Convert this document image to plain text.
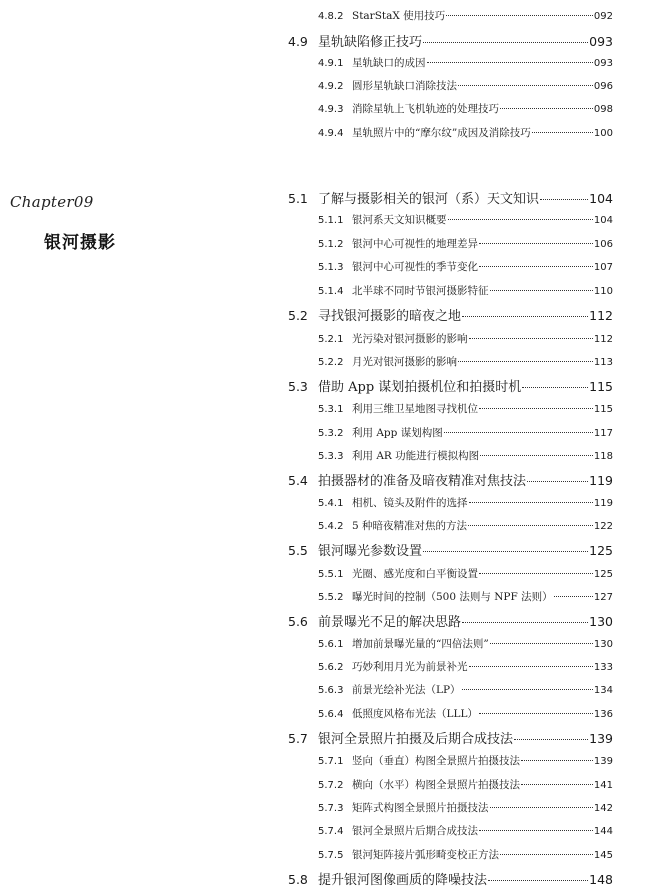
Chapter09
银河摄影
4.8.2 StarStaX 使用技巧	092
4.9 星轨缺陷修正技巧	093
4.9.1 星轨缺口的成因	093
4.9.2 圆形星轨缺口消除技法	096
4.9.3 消除星轨上飞机轨迹的处理技巧	098
4.9.4 星轨照片中的“摩尔纹”成因及消除技巧	100
5.1 了解与摄影相关的银河（系）天文知识	104
5.1.1 银河系天文知识概要	104
5.1.2 银河中心可视性的地理差异	106
5.1.3 银河中心可视性的季节变化	107
5.1.4 北半球不同时节银河摄影特征	110
5.2 寻找银河摄影的暗夜之地	112
5.2.1 光污染对银河摄影的影响	112
5.2.2 月光对银河摄影的影响	113
5.3 借助 App 谋划拍摄机位和拍摄时机	115
5.3.1 利用三维卫星地图寻找机位	115
5.3.2 利用 App 谋划构图	117
5.3.3 利用 AR 功能进行模拟构图	118
5.4 拍摄器材的准备及暗夜精准对焦技法	119
5.4.1 相机、镜头及附件的选择	119
5.4.2 5 种暗夜精准对焦的方法	122
5.5 银河曝光参数设置	125
5.5.1 光圈、感光度和白平衡设置	125
5.5.2 曝光时间的控制（500 法则与 NPF 法则）	127
5.6 前景曝光不足的解决思路	130
5.6.1 增加前景曝光量的“四倍法则”	130
5.6.2 巧妙利用月光为前景补光	133
5.6.3 前景光绘补光法（LP）	134
5.6.4 低照度风格布光法（LLL）	136
5.7 银河全景照片拍摄及后期合成技法	139
5.7.1 竖向（垂直）构图全景照片拍摄技法	139
5.7.2 横向（水平）构图全景照片拍摄技法	141
5.7.3 矩阵式构图全景照片拍摄技法	142
5.7.4 银河全景照片后期合成技法	144
5.7.5 银河矩阵接片弧形畸变校正方法	145
5.8 提升银河图像画质的降噪技法	148
